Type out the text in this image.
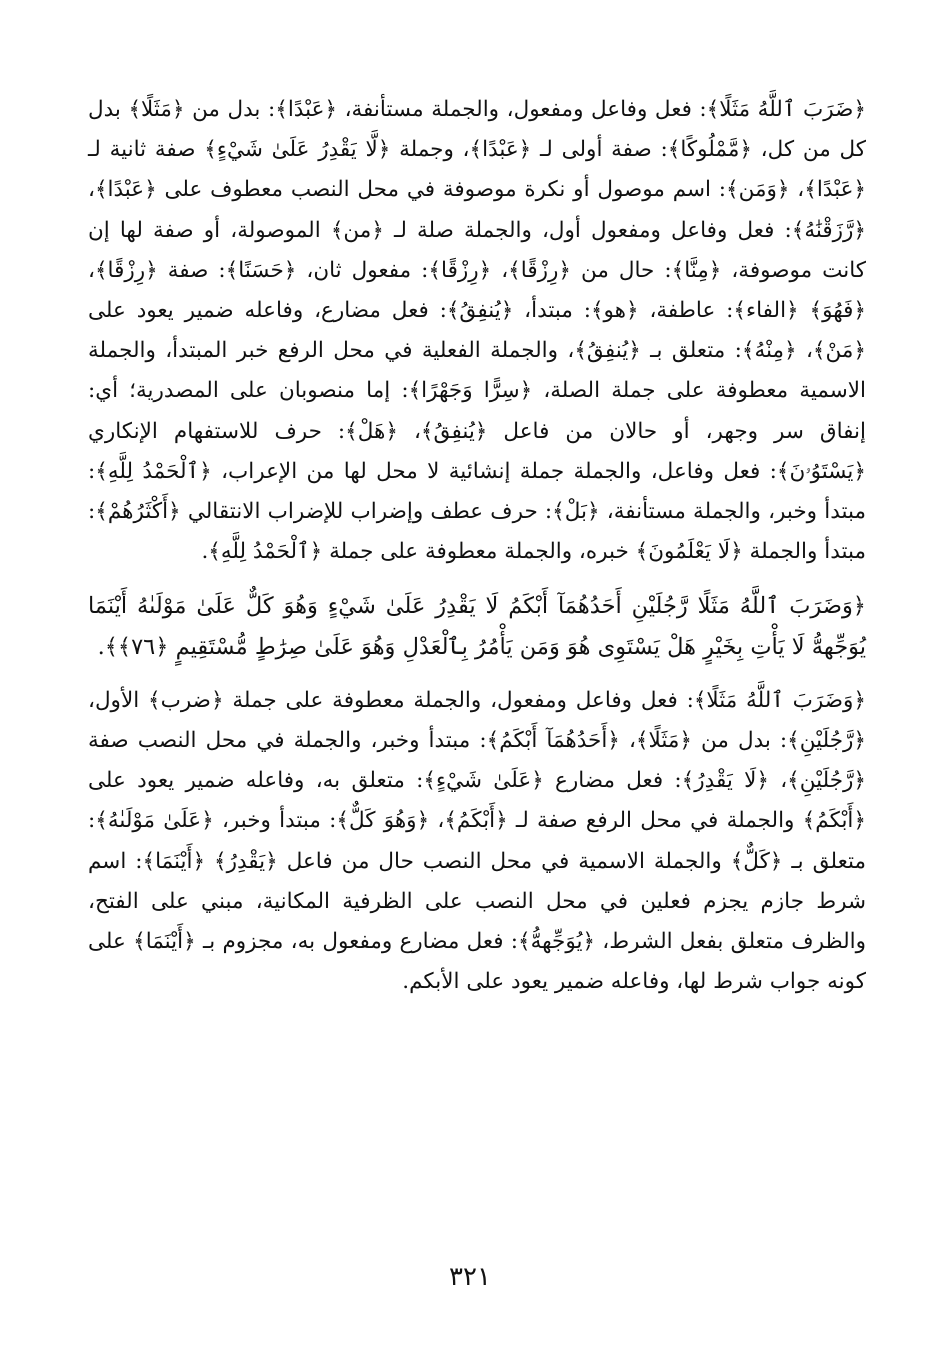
﴿ضَرَبَ ٱللَّهُ مَثَلًا﴾: فعل وفاعل ومفعول، والجملة مستأنفة، ﴿عَبْدًا﴾: بدل من ﴿مَثَلًا﴾ بدل كل من كل، ﴿مَّمْلُوكًا﴾: صفة أولى لـ ﴿عَبْدًا﴾، وجملة ﴿لَّا يَقْدِرُ عَلَىٰ شَيْءٍ﴾ صفة ثانية لـ ﴿عَبْدًا﴾، ﴿وَمَن﴾: اسم موصول أو نكرة موصوفة في محل النصب معطوف على ﴿عَبْدًا﴾، ﴿رَّزَقْنَٰهُ﴾: فعل وفاعل ومفعول أول، والجملة صلة لـ ﴿من﴾ الموصولة، أو صفة لها إن كانت موصوفة، ﴿مِنَّا﴾: حال من ﴿رِزْقًا﴾، ﴿رِزْقًا﴾: مفعول ثان، ﴿حَسَنًا﴾: صفة ﴿رِزْقًا﴾، ﴿فَهُوَ﴾ ﴿الفاء﴾: عاطفة، ﴿هو﴾: مبتدأ، ﴿يُنفِقُ﴾: فعل مضارع، وفاعله ضمير يعود على ﴿مَنْ﴾، ﴿مِنْهُ﴾: متعلق بـ ﴿يُنفِقُ﴾، والجملة الفعلية في محل الرفع خبر المبتدأ، والجملة الاسمية معطوفة على جملة الصلة، ﴿سِرًّا وَجَهْرًا﴾: إما منصوبان على المصدرية؛ أي: إنفاق سر وجهر، أو حالان من فاعل ﴿يُنفِقُ﴾، ﴿هَلْ﴾: حرف للاستفهام الإنكاري ﴿يَسْتَوُۥنَ﴾: فعل وفاعل، والجملة جملة إنشائية لا محل لها من الإعراب، ﴿ٱلْحَمْدُ لِلَّهِ﴾: مبتدأ وخبر، والجملة مستأنفة، ﴿بَلْ﴾: حرف عطف وإضراب للإضراب الانتقالي ﴿أَكْثَرُهُمْ﴾: مبتدأ والجملة ﴿لَا يَعْلَمُونَ﴾ خبره، والجملة معطوفة على جملة ﴿ٱلْحَمْدُ لِلَّهِ﴾.

﴿وَضَرَبَ ٱللَّهُ مَثَلًا رَّجُلَيْنِ أَحَدُهُمَآ أَبْكَمُ لَا يَقْدِرُ عَلَىٰ شَيْءٍ وَهُوَ كَلٌّ عَلَىٰ مَوْلَىٰهُ أَيْنَمَا يُوَجِّههُّ لَا يَأْتِ بِخَيْرٍ هَلْ يَسْتَوِى هُوَ وَمَن يَأْمُرُ بِٱلْعَدْلِ وَهُوَ عَلَىٰ صِرَٰطٍ مُّسْتَقِيمٍ ﴿٧٦﴾﴾.

﴿وَضَرَبَ ٱللَّهُ مَثَلًا﴾: فعل وفاعل ومفعول، والجملة معطوفة على جملة ﴿ضرب﴾ الأول، ﴿رَّجُلَيْنِ﴾: بدل من ﴿مَثَلًا﴾، ﴿أَحَدُهُمَآ أَبْكَمُ﴾: مبتدأ وخبر، والجملة في محل النصب صفة ﴿رَّجُلَيْنِ﴾، ﴿لَا يَقْدِرُ﴾: فعل مضارع ﴿عَلَىٰ شَيْءٍ﴾: متعلق به، وفاعله ضمير يعود على ﴿أَبْكَمُ﴾ والجملة في محل الرفع صفة لـ ﴿أَبْكَمُ﴾، ﴿وَهُوَ كَلٌّ﴾: مبتدأ وخبر، ﴿عَلَىٰ مَوْلَىٰهُ﴾: متعلق بـ ﴿كَلٌّ﴾ والجملة الاسمية في محل النصب حال من فاعل ﴿يَقْدِرُ﴾ ﴿أَيْنَمَا﴾: اسم شرط جازم يجزم فعلين في محل النصب على الظرفية المكانية، مبني على الفتح، والظرف متعلق بفعل الشرط، ﴿يُوَجِّههُّ﴾: فعل مضارع ومفعول به، مجزوم بـ ﴿أَيْنَمَا﴾ على كونه جواب شرط لها، وفاعله ضمير يعود على الأبكم.

٣٢١
